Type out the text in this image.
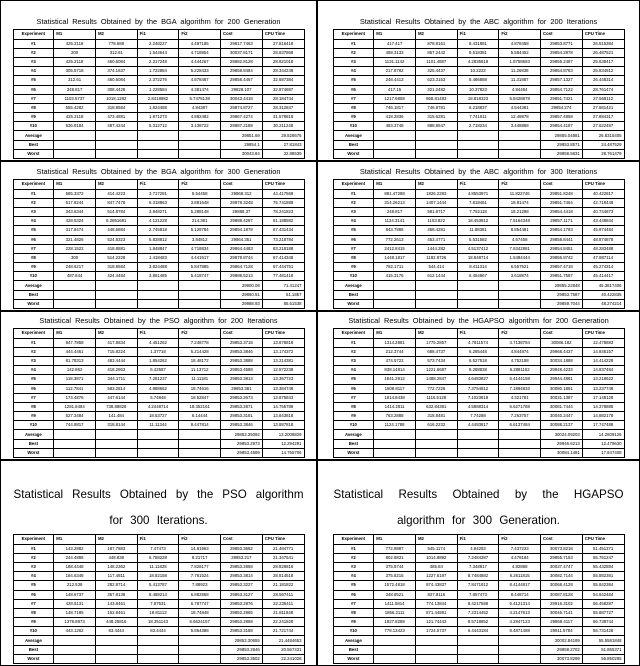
Statistical Results Obtained by the BGA algorithm for 200 Generation
Experiment	M1	M2	Fi1	Fi2	Cost	CPU Time
#1	425.2118	778.688	2.248227	4.487185	29817.7463	27.816418
#2	200	312.61	1.544644	4.718854	30037.8171	28.837868
#3	425.2118	460.6084	2.317248	4.444267	29882.8128	28.821018
#4	305.5718	374.1637	1.722884	5.228433	29858.8484	28.344248
#5	312.61	460.6084	2.372276	4.878487	29858.4467	32.687384
#6	348.817	308.4428	1.228584	4.381474	29828.107	32.874887
#7	1103.5737	1018.1282	2.8418882	5.7478138	30043.4418	28.184744
#8	555.4282	318.8584	1.824488	4.84387	29874.8727	28.312847
#9	425.2118	473.4881	1.871273	4.882482	29867.4274	31.578818
#10	536.8184	487.4244	5.312712	3.138722	29887.2188	30.211248
Average					29851.69	29.828676
Best					29854.1	27.81843
Worst					30043.84	32.88539
Statistical Results Obtained by the ABC algorithm for 200 Iterations
Experiment	M1	M2	Fi1	Fi2	Cost	CPU Time
#1	417.417	878.8161	8.431881	4.878458	29853.8771	26.515384
#2	458.3133	857.2442	8.518381	5.584452	29854.2878	26.487521
#3	1131.1142	1101.4887	4.2835818	1.8758683	29855.2487	25.638417
#4	217.8782	325.4437	10.2222	11.26838	29854.8783	25.834812
#5	248.4413	623.3153	8.486888	11.31887	29857.1327	26.448314
#6	417.15	321.2482	10.37823	4.84484	29854.7122	28.761474
#7	1217.6858	868.81483	18.818323	5.8428878	29851.7421	27.568112
#8	746.1817	746.8781	6.218837	4.544381	29854.274	27.581421
#9	418.2836	315.6281	7.741811	12.48878	29857.4858	27.884317
#10	483.3748	888.8547	2.718234	3.448858	29854.4187	27.622487
Average					29855.04881	26.8315405
Best					29853.8571	24.487529
Worst					29858.5831	28.761479
Statistical Results Obtained by the BGA algorithm for 300 Generation
Experiment	M1	M2	Fi1	Fi2	Cost	CPU Time
#1	585.3372	414.4223	3.717281	5.54458	29868.312	44.417568
#2	517.8244	847.7478	6.318863	3.881648	29878.3248	75.741888
#3	343.6344	514.8784	3.848271	5.288148	29888.37	78.241823
#4	428.5324	6.2851681	4.121228	214.381	29888.4287	61.188582
#5	317.8474	448.6884	2.745818	5.128784	29894.1878	67.431434
#6	321.4826	524.8323	5.828812	3.84812	29864.351	73.218784
#7	228.1522	418.8881	1.848847	4.718834	29864.4483	83.218188
#8	300	514.2228	1.418483	4.441517	29878.8744	67.414348
#9	248.6217	318.8584	3.824488	5.847885	29864.7128	67.444751
#10	487.844	424.4484	3.851485	5.418747	29888.5213	77.481418
Average					29900.08	71.41247
Best					29860.51	61.1857
Worst					29988.93	85.51538
Statistical Results Obtained by the ABC algorithm for 300 Iterations
Experiment	M1	M2	Fi1	Fi2	Cost	CPU Time
#1	881.47288	1826.2283	4.8553871	11.822746	29851.8248	40.422817
#2	314.26213	1407.1444	7.818461	18.81474	29851.7464	42.718448
#3	248.817	581.8717	7.752118	18.21288	29854.4418	40.744873
#4	1124.3141	1153.822	18.453812	7.5164348	29857.1171	43.448844
#5	843.7886	358.4281	11.88381	8.854481	29854.1783	45.874484
#6	772.2613	453.4771	5.531582	4.67458	29858.8441	48.874878
#7	2412.8415	1444.282	4.5137412	7.6342881	29854.8451	48.283488
#8	1448.1817	1182.8726	18.848714	1.5484444	29856.8742	47.887114
#9	782.1711	544.414	8.411314	6.557521	29857.4718	45.274314
#10	415.3176	612.1444	6.454867	3.618874	29851.7587	45.414417
Average					29855.22848	45.3817406
Best					29853.7587	40.422835
Worst					29859.7044	48.274214
Statistical Results Obtained by the PSO algorithm for 200 Iterations
Experiment	M1	M2	Fi1	Fi2	Cost	CPU Time
#1	847.7858	417.8834	4.451262	7.248778	29853.3718	13.878818
#2	444.4461	715.8224	1.37718	5.214428	29853.3846	13.174372
#3	81.78313	483.4444	1.854262	18.48172	29853.3888	13.214381
#4	142.862	418.2863	6.42587	11.13712	29853.4588	12.572238
#5	118.3871	344.1711	7.281237	11.11181	29853.3813	13.357723
#6	112.7841	583.2814	4.888662	18.74616	29853.381	13.384748
#7	174.4876	447.6144	5.74848	18.52847	29853.2673	13.875843
#8	1281.8484	738.88828	4.2448714	18.352161	29853.2871	14.755788
#9	527.3484	141.484	18.53727	6.14444	29853.3181	13.843818
#10	744.8817	318.8144	11.11344	8.447814	29853.3846	13.887818
Average					29853.35092	13.2008829
Best					29853.2973	12.294291
Worst					29853.4589	14.755706
Statistical Results Obtained by the HGAPSO algorithm for 200 Generation
Experiment	M1	M2	Fi1	Fi2	Cost	CPU Time
#1	1314.2881	1775.2857	4.7811574	4.7138784	30086.182	12.478883
#2	212.3744	688.4737	6.285448	4.844874	29968.4437	14.846157
#3	474.5722	573.7434	6.527518	4.752158	30034.1888	14.414228
#4	838.14814	1221.6687	8.288838	6.2881152	29948.4233	14.837484
#5	1841.2812	1488.2847	4.6483827	6.4144158	29944.4881	13.218622
#6	1508.8117	772.7226	7.3754812	7.1884833	30080.1851	13.237748
#7	1814.8438	1116.5128	7.1023818	4.321781	30031.1387	17.148128
#8	1414.2811	632.84381	4.5888314	6.6271788	30081.7444	14.378888
#9	763.2888	318.8481	7.74288	7.263757	30040.2447	14.882178
#10	1124.1788	616.2232	4.4483817	6.6137484	30088.2137	17.747488
Average					30024.09203	14.2609126
Best					29946.6213	12.479630
Worst					30084.1481	17.847408
Statistical Results Obtained by the PSO algorithm for 300 Iterations.
Experiment	M1	M2	Fi1	Fi2	Cost	CPU Time
#1	143.2882	187.7883	7.47473	14.81963	29853.3682	21.484771
#2	244.4886	448.838	6.758228	8.21717	29853.217	21.347541
#3	188.4448	148.2362	11.11828	7.828177	29853.2868	28.828816
#4	184.6348	117.4811	18.82158	7.761524	29853.3814	28.814518
#5	212.538	282.8714	5.413787	7.88923	29853.3227	21.181822
#6	148.6737	357.8138	8.488214	6.882858	29853.3127	28.567411
#7	428.6131	143.8461	7.87531	6.787747	29853.2876	22.235411
#8	148.7185	152.8461	18.81113	18.74848	29853.2865	21.811848
#9	1378.8873	448.25816	18.351143	6.6624157	29853.2868	22.241828
#10	443.1262	83.4444	83.4444	5.864388	29853.3188	21.721744
Average					29853.30655	21.4484653
Best					29853.2846	20.567431
Worst					29853.3602	22.241028
Statistical Results Obtained by the HGAPSO algorithm for 300 Generation.
Experiment	M1	M2	Fi1	Fi2	Cost	CPU Time
#1	772.8887	545.1174	4.84283	7.437233	30073.8218	51.451371
#2	802.8831	1014.8892	7.2484387	4.478184	29855.7153	55.751247
#3	375.8744	485.84	7.348817	4.82888	30037.4747	55.432884
#4	375.8215	1227.6197	8.7484882	6.2611815	30082.7144	55.882381
#5	1572.4818	874.43837	7.8471812	8.4144817	30068.4128	55.842384
#6	348.8521	827.8116	7.857473	8.448714	30087.8128	54.842484
#7	1411.5814	774.13844	8.4217588	6.4121314	29916.3102	56.458287
#8	1856.2111	871.44881	7.2314452	4.2147613	30046.7141	55.887727
#9	1827.8288	121.74443	8.5718852	4.2847123	29868.4117	56.738744
#10	778.13423	1724.5737	6.4443184	8.4871488	29911.5784	55.731428
Average					30002.84189	55.5581848
Best					29858.2702	51.855371
Worst					30073.8299	56.850295
